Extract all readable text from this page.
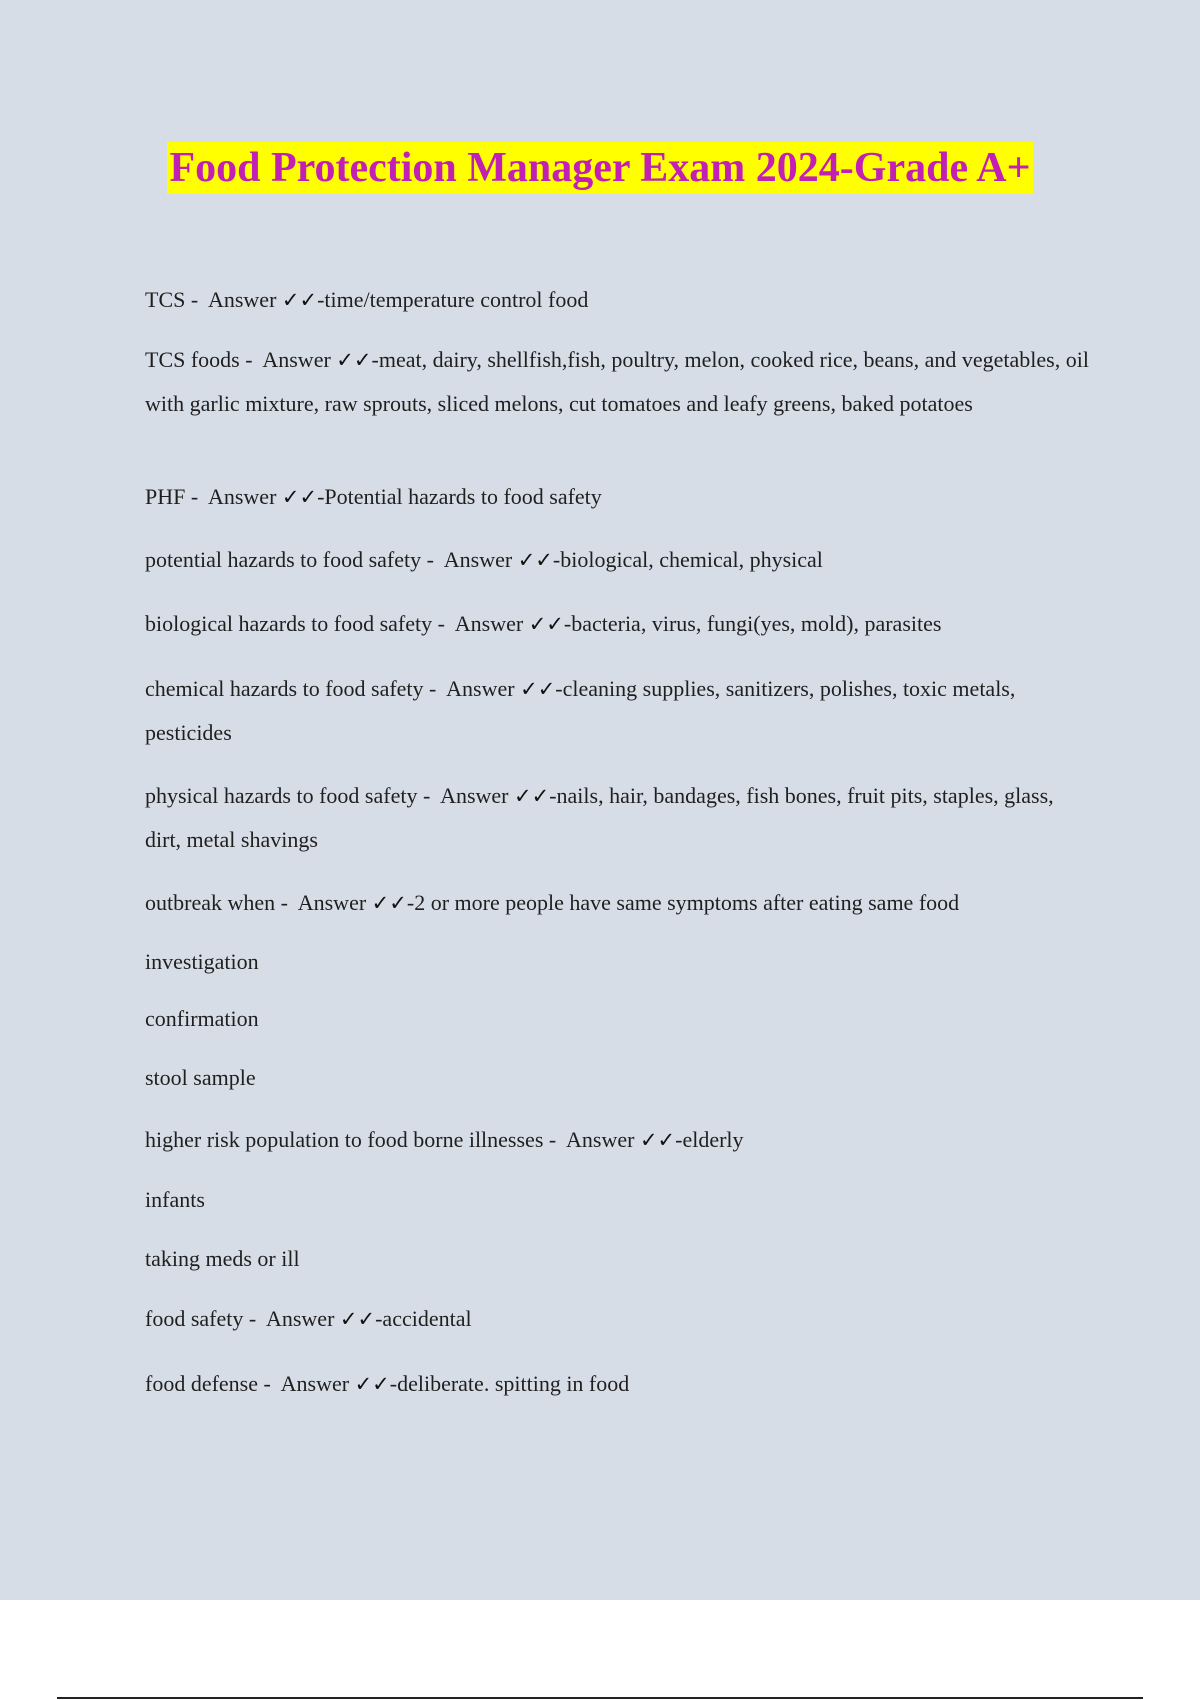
Food Protection Manager Exam 2024-Grade A+
TCS -  Answer ✓✓-time/temperature control food
TCS foods -  Answer ✓✓-meat, dairy, shellfish,fish, poultry, melon, cooked rice, beans, and vegetables, oil with garlic mixture, raw sprouts, sliced melons, cut tomatoes and leafy greens, baked potatoes
PHF -  Answer ✓✓-Potential hazards to food safety
potential hazards to food safety -  Answer ✓✓-biological, chemical, physical
biological hazards to food safety -  Answer ✓✓-bacteria, virus, fungi(yes, mold), parasites
chemical hazards to food safety -  Answer ✓✓-cleaning supplies, sanitizers, polishes, toxic metals, pesticides
physical hazards to food safety -  Answer ✓✓-nails, hair, bandages, fish bones, fruit pits, staples, glass, dirt, metal shavings
outbreak when -  Answer ✓✓-2 or more people have same symptoms after eating same food
investigation
confirmation
stool sample
higher risk population to food borne illnesses -  Answer ✓✓-elderly
infants
taking meds or ill
food safety -  Answer ✓✓-accidental
food defense -  Answer ✓✓-deliberate. spitting in food
